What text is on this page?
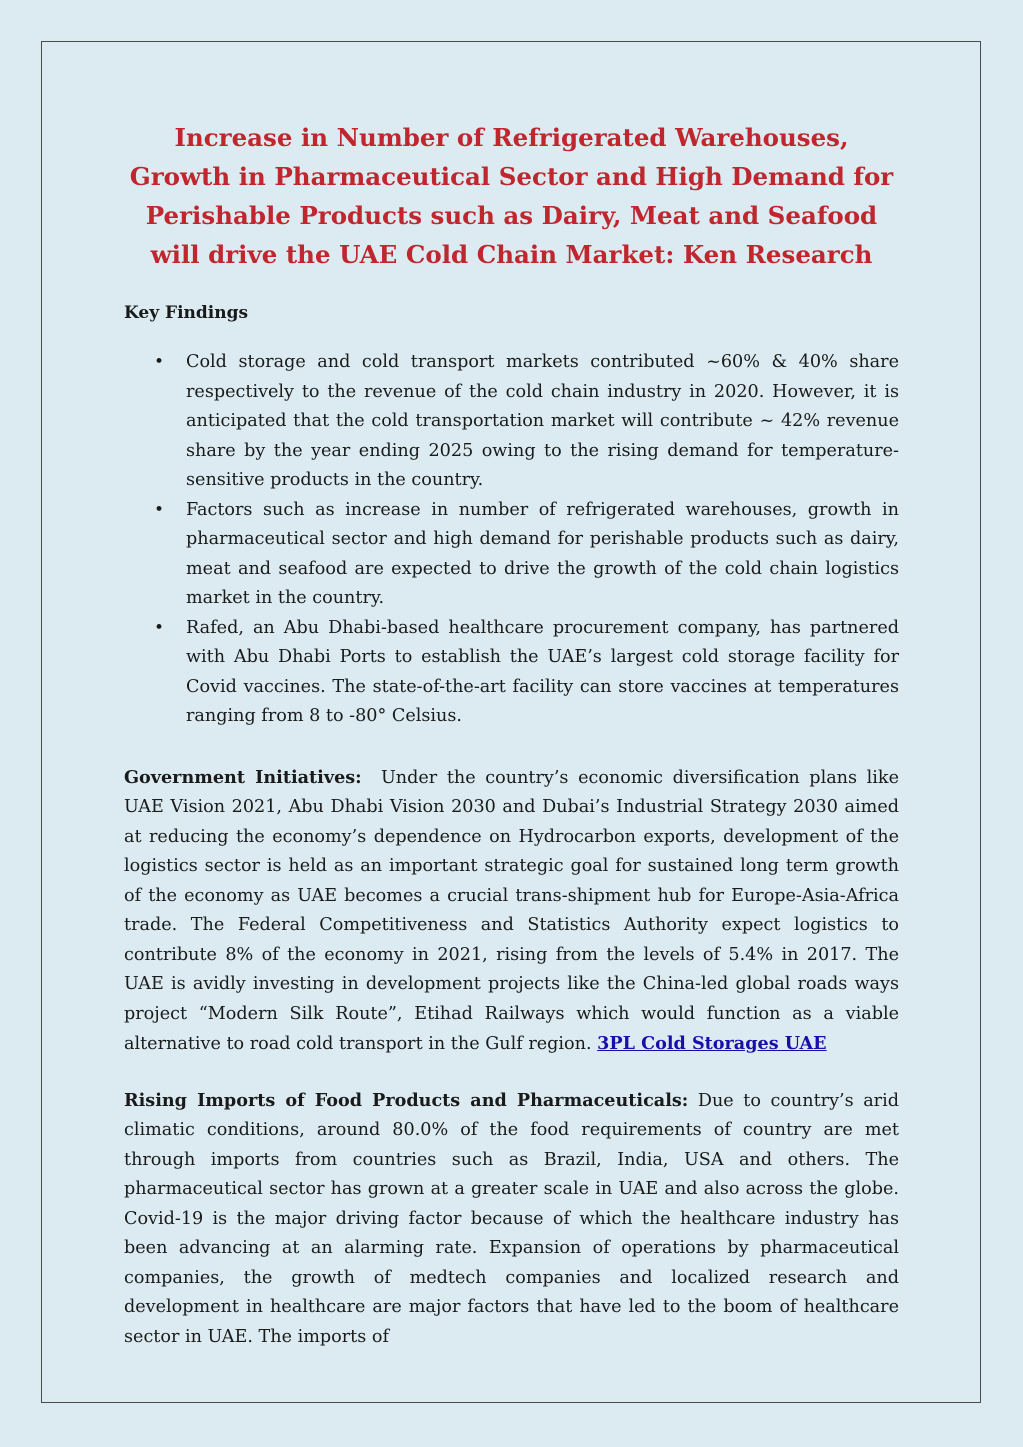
Increase in Number of Refrigerated Warehouses, Growth in Pharmaceutical Sector and High Demand for Perishable Products such as Dairy, Meat and Seafood will drive the UAE Cold Chain Market: Ken Research
Key Findings
• Cold storage and cold transport markets contributed ~60% & 40% share respectively to the revenue of the cold chain industry in 2020. However, it is anticipated that the cold transportation market will contribute ~ 42% revenue share by the year ending 2025 owing to the rising demand for temperature-sensitive products in the country.
• Factors such as increase in number of refrigerated warehouses, growth in pharmaceutical sector and high demand for perishable products such as dairy, meat and seafood are expected to drive the growth of the cold chain logistics market in the country.
• Rafed, an Abu Dhabi-based healthcare procurement company, has partnered with Abu Dhabi Ports to establish the UAE’s largest cold storage facility for Covid vaccines. The state-of-the-art facility can store vaccines at temperatures ranging from 8 to -80° Celsius.

Government Initiatives: Under the country’s economic diversification plans like UAE Vision 2021, Abu Dhabi Vision 2030 and Dubai’s Industrial Strategy 2030 aimed at reducing the economy’s dependence on Hydrocarbon exports, development of the logistics sector is held as an important strategic goal for sustained long term growth of the economy as UAE becomes a crucial trans-shipment hub for Europe-Asia-Africa trade. The Federal Competitiveness and Statistics Authority expect logistics to contribute 8% of the economy in 2021, rising from the levels of 5.4% in 2017. The UAE is avidly investing in development projects like the China-led global roads ways project “Modern Silk Route”, Etihad Railways which would function as a viable alternative to road cold transport in the Gulf region. 3PL Cold Storages UAE

Rising Imports of Food Products and Pharmaceuticals: Due to country’s arid climatic conditions, around 80.0% of the food requirements of country are met through imports from countries such as Brazil, India, USA and others. The pharmaceutical sector has grown at a greater scale in UAE and also across the globe. Covid-19 is the major driving factor because of which the healthcare industry has been advancing at an alarming rate. Expansion of operations by pharmaceutical companies, the growth of medtech companies and localized research and development in healthcare are major factors that have led to the boom of healthcare sector in UAE. The imports of
